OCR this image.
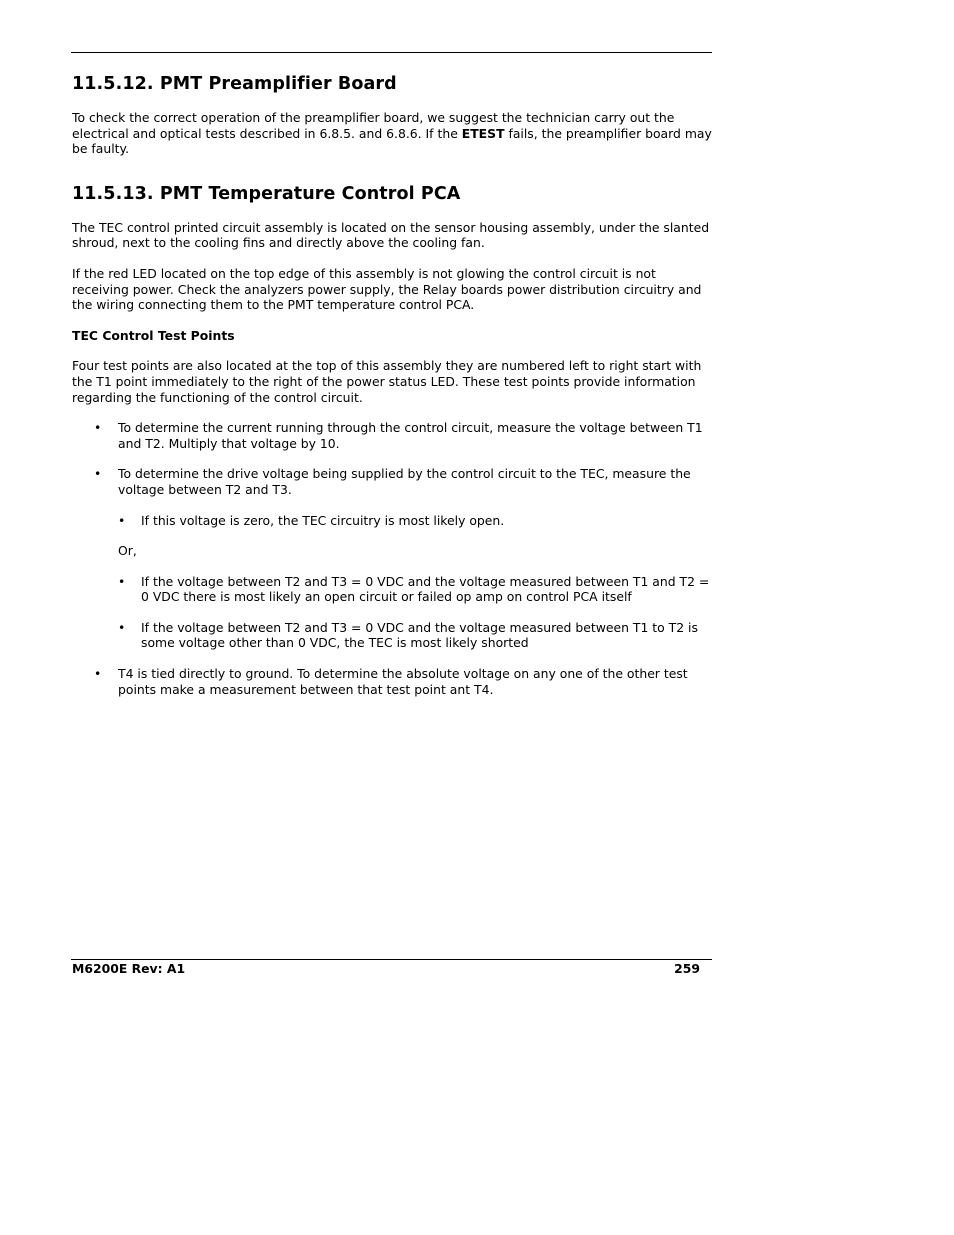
11.5.12. PMT Preamplifier Board

To check the correct operation of the preamplifier board, we suggest the technician carry out the electrical and optical tests described in 6.8.5. and 6.8.6. If the ETEST fails, the preamplifier board may be faulty.

11.5.13. PMT Temperature Control PCA

The TEC control printed circuit assembly is located on the sensor housing assembly, under the slanted shroud, next to the cooling fins and directly above the cooling fan.

If the red LED located on the top edge of this assembly is not glowing the control circuit is not receiving power. Check the analyzers power supply, the Relay boards power distribution circuitry and the wiring connecting them to the PMT temperature control PCA.

TEC Control Test Points

Four test points are also located at the top of this assembly they are numbered left to right start with the T1 point immediately to the right of the power status LED. These test points provide information regarding the functioning of the control circuit.

• To determine the current running through the control circuit, measure the voltage between T1 and T2. Multiply that voltage by 10.
• To determine the drive voltage being supplied by the control circuit to the TEC, measure the voltage between T2 and T3.
• If this voltage is zero, the TEC circuitry is most likely open.
Or,
• If the voltage between T2 and T3 = 0 VDC and the voltage measured between T1 and T2 = 0 VDC there is most likely an open circuit or failed op amp on control PCA itself
• If the voltage between T2 and T3 = 0 VDC and the voltage measured between T1 to T2 is some voltage other than 0 VDC, the TEC is most likely shorted
• T4 is tied directly to ground. To determine the absolute voltage on any one of the other test points make a measurement between that test point ant T4.
M6200E Rev: A1	259
